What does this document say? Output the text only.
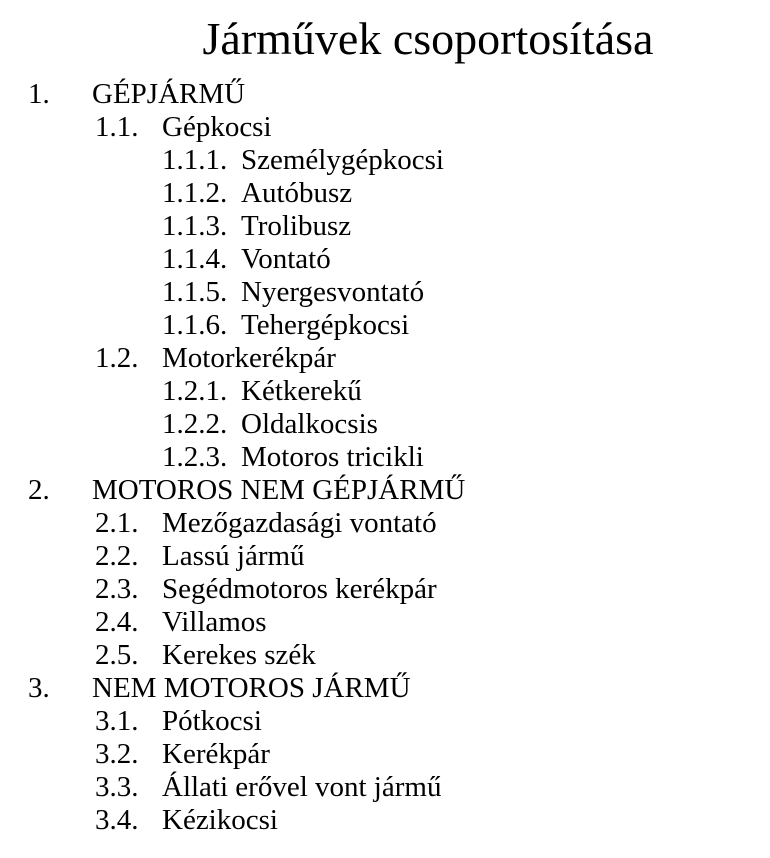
Járművek csoportosítása
1.	GÉPJÁRMŰ
1.1. Gépkocsi
1.1.1. Személygépkocsi
1.1.2. Autóbusz
1.1.3. Trolibusz
1.1.4. Vontató
1.1.5. Nyergesvontató
1.1.6. Tehergépkocsi
1.2. Motorkerékpár
1.2.1. Kétkerekű
1.2.2. Oldalkocsis
1.2.3. Motoros tricikli
2.	MOTOROS NEM GÉPJÁRMŰ
2.1. Mezőgazdasági vontató
2.2. Lassú jármű
2.3. Segédmotoros kerékpár
2.4. Villamos
2.5. Kerekes szék
3.	NEM MOTOROS JÁRMŰ
3.1. Pótkocsi
3.2. Kerékpár
3.3. Állati erővel vont jármű
3.4. Kézikocsi
